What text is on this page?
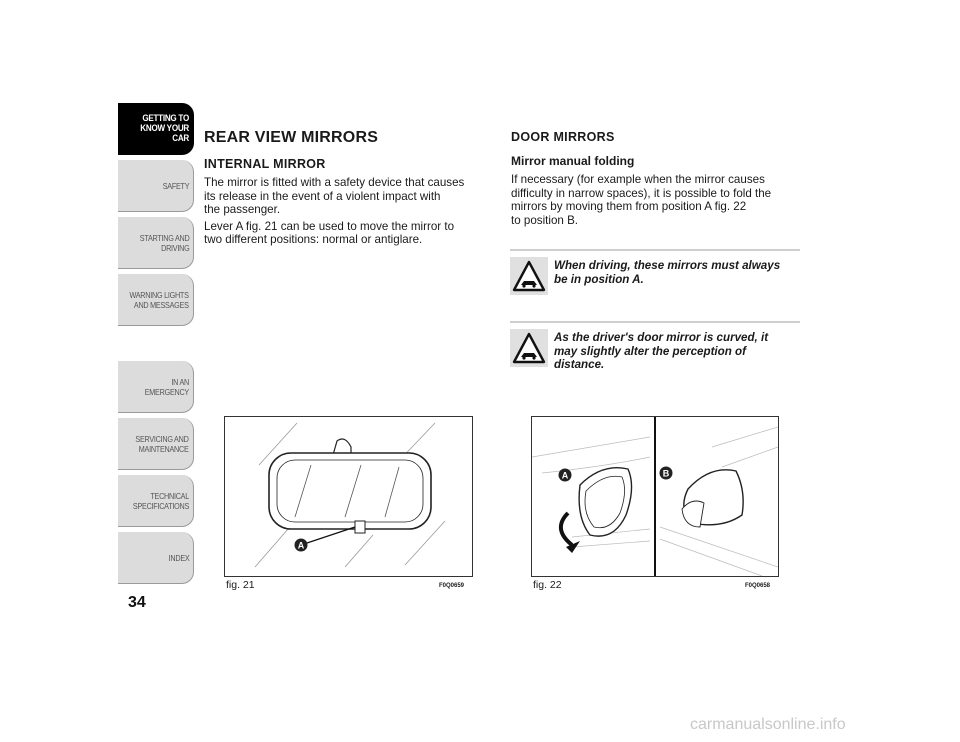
GETTING TO
KNOW YOUR CAR
SAFETY
STARTING AND
DRIVING
WARNING LIGHTS
AND MESSAGES
IN AN EMERGENCY
SERVICING AND
MAINTENANCE
TECHNICAL
SPECIFICATIONS
INDEX
34
REAR VIEW MIRRORS
INTERNAL MIRROR

The mirror is fitted with a safety device that causes

its release in the event of a violent impact with

the passenger.

Lever A fig. 21 can be used to move the mirror to

two different positions: normal or antiglare.

DOOR MIRRORS
Mirror manual folding

If necessary (for example when the mirror causes

difficulty in narrow spaces), it is possible to fold the

mirrors by moving them from position A fig. 22

to position B.

When driving, these mirrors must always
be in position A.
As the driver's door mirror is curved, it
may slightly alter the perception of
distance.
A
fig. 21	F0Q0659
A	B
fig. 22	F0Q0658
carmanualsonline.info
